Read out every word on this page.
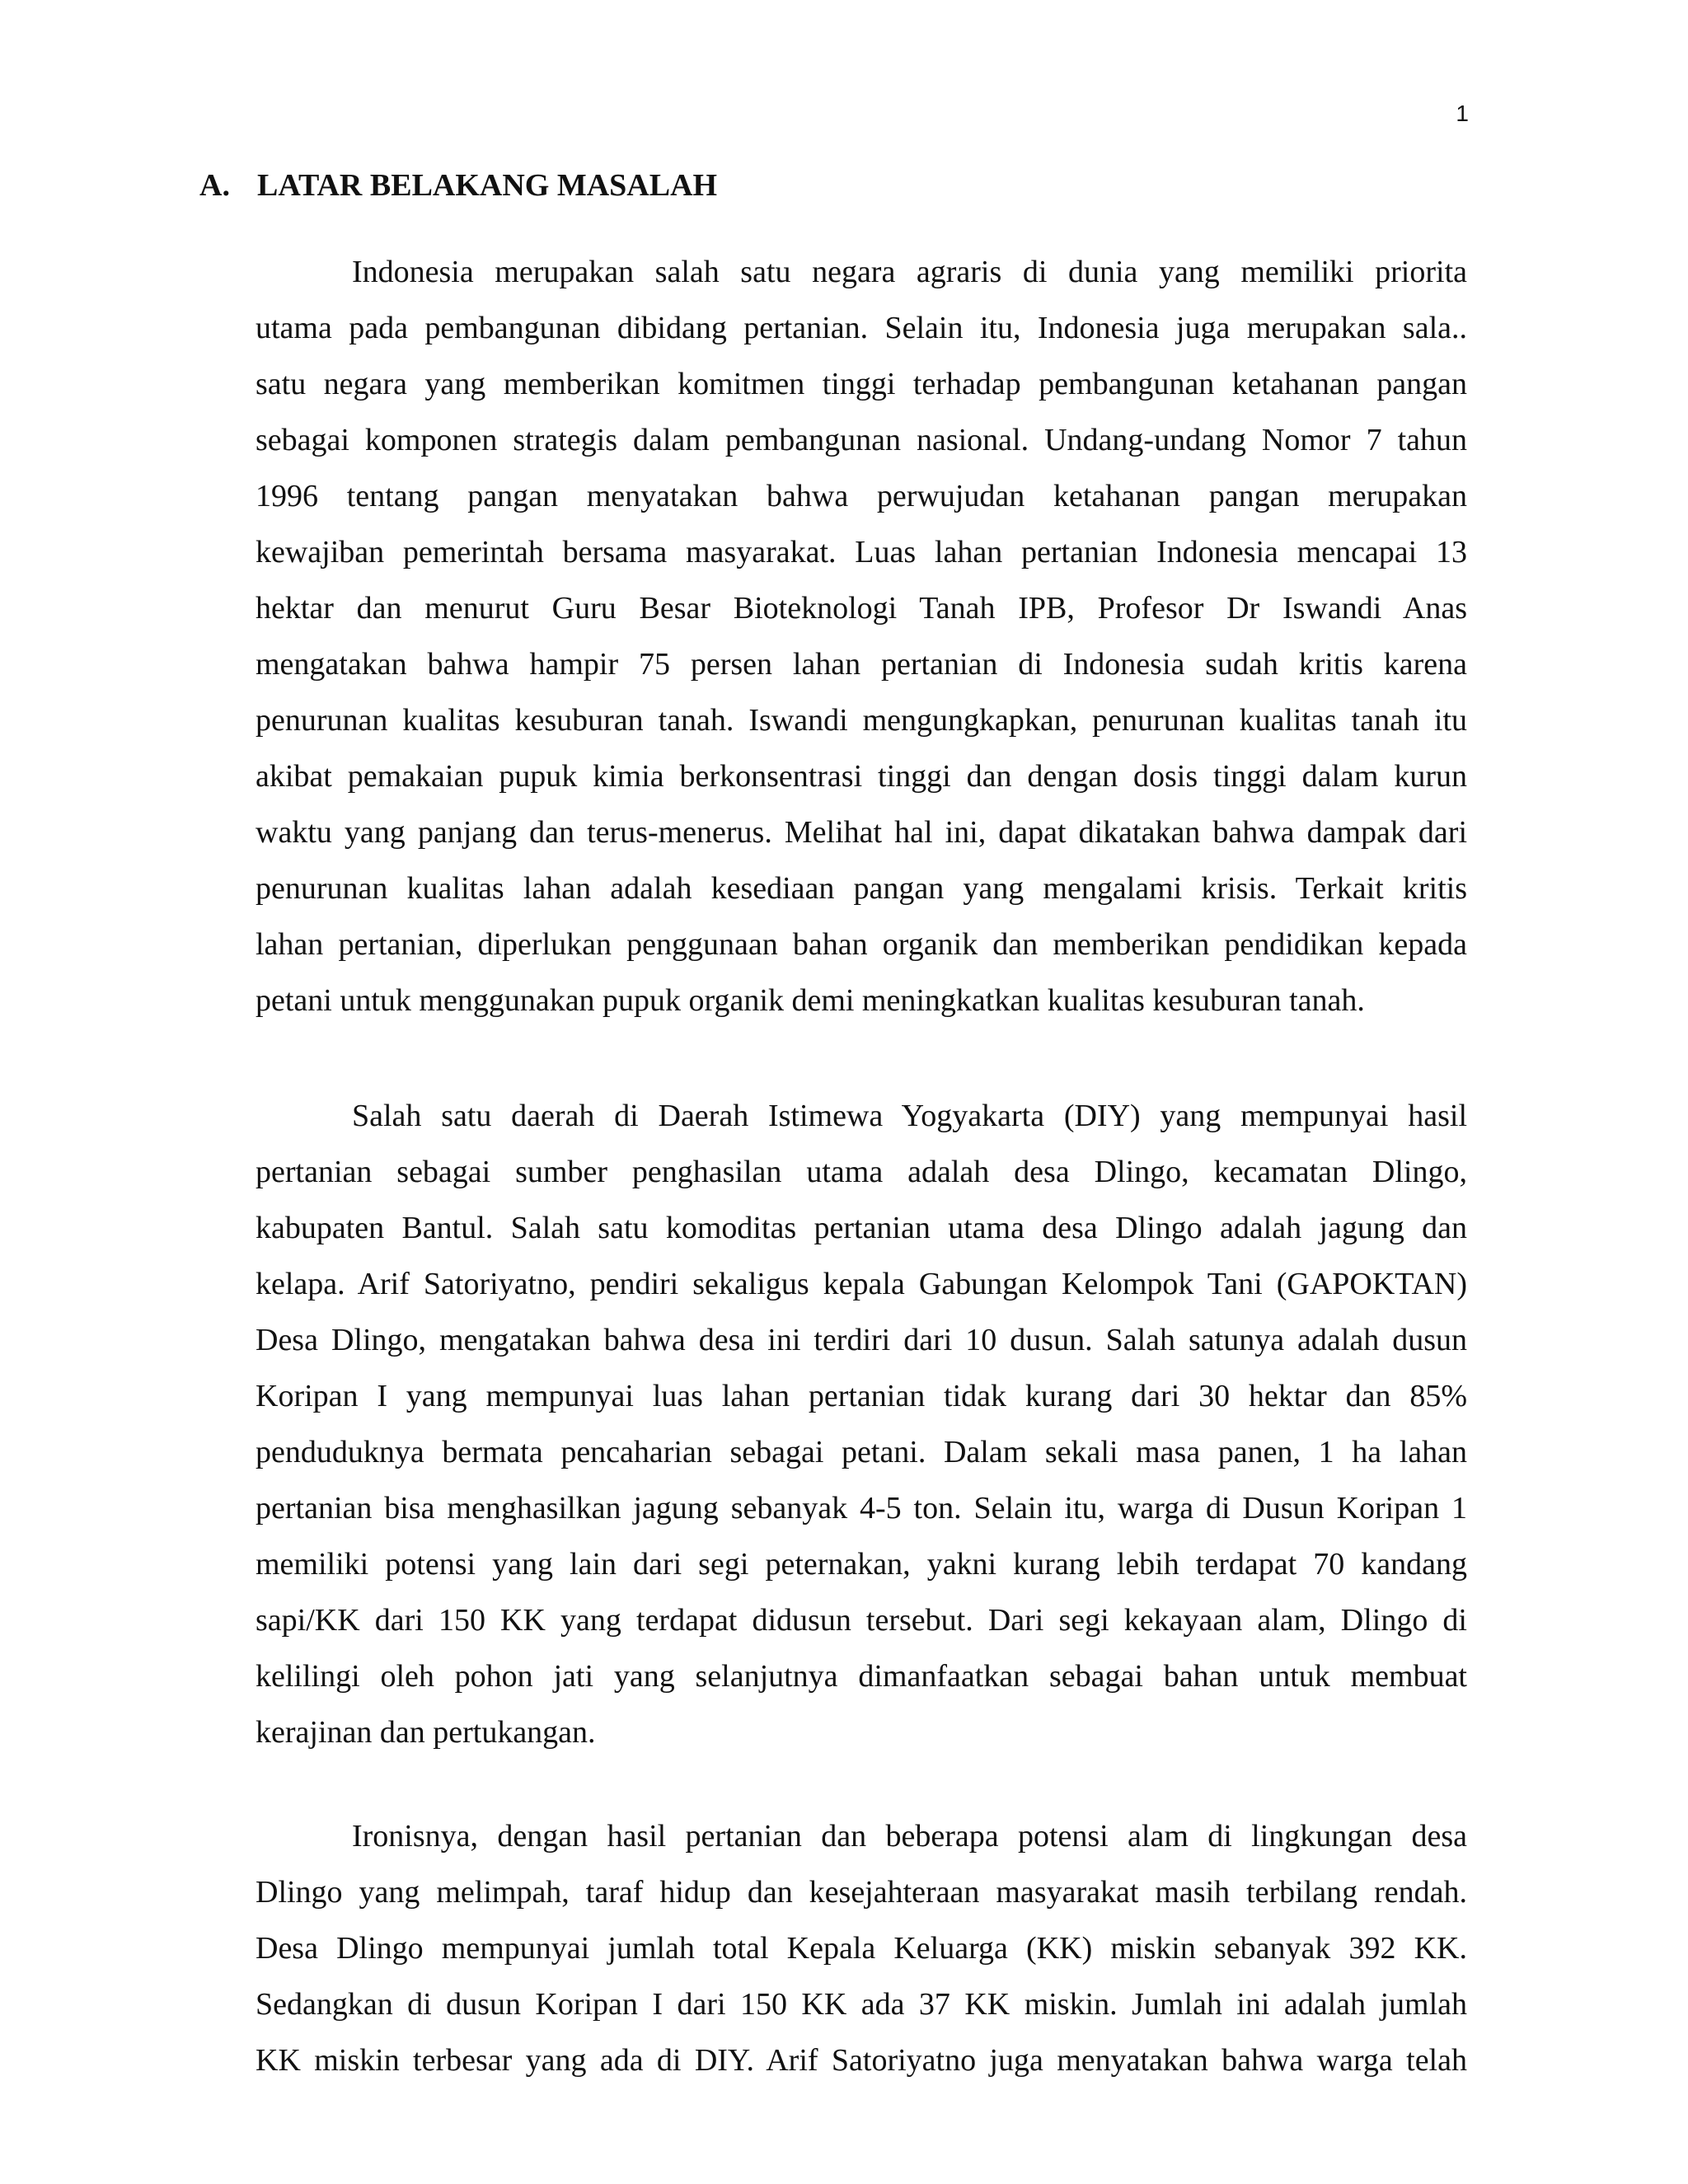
1
A. LATAR BELAKANG MASALAH
Indonesia merupakan salah satu negara agraris di dunia yang memiliki priorita
utama pada pembangunan dibidang pertanian. Selain itu, Indonesia juga merupakan sala..
satu negara yang memberikan komitmen tinggi terhadap pembangunan ketahanan pangan
sebagai komponen strategis dalam pembangunan nasional. Undang-undang Nomor 7 tahun
1996 tentang pangan menyatakan bahwa perwujudan ketahanan pangan merupakan
kewajiban pemerintah bersama masyarakat. Luas lahan pertanian Indonesia mencapai 13
hektar dan menurut Guru Besar Bioteknologi Tanah IPB, Profesor Dr Iswandi Anas
mengatakan bahwa hampir 75 persen lahan pertanian di Indonesia sudah kritis karena
penurunan kualitas kesuburan tanah. Iswandi mengungkapkan, penurunan kualitas tanah itu
akibat pemakaian pupuk kimia berkonsentrasi tinggi dan dengan dosis tinggi dalam kurun
waktu yang panjang dan terus-menerus. Melihat hal ini, dapat dikatakan bahwa dampak dari
penurunan kualitas lahan adalah kesediaan pangan yang mengalami krisis. Terkait kritis
lahan pertanian, diperlukan penggunaan bahan organik dan memberikan pendidikan kepada
petani untuk menggunakan pupuk organik demi meningkatkan kualitas kesuburan tanah.
Salah satu daerah di Daerah Istimewa Yogyakarta (DIY) yang mempunyai hasil
pertanian sebagai sumber penghasilan utama adalah desa Dlingo, kecamatan Dlingo,
kabupaten Bantul. Salah satu komoditas pertanian utama desa Dlingo adalah jagung dan
kelapa. Arif Satoriyatno, pendiri sekaligus kepala Gabungan Kelompok Tani (GAPOKTAN)
Desa Dlingo, mengatakan bahwa desa ini terdiri dari 10 dusun. Salah satunya adalah dusun
Koripan I yang mempunyai luas lahan pertanian tidak kurang dari 30 hektar dan 85%
penduduknya bermata pencaharian sebagai petani. Dalam sekali masa panen, 1 ha lahan
pertanian bisa menghasilkan jagung sebanyak 4-5 ton. Selain itu, warga di Dusun Koripan 1
memiliki potensi yang lain dari segi peternakan, yakni kurang lebih terdapat 70 kandang
sapi/KK dari 150 KK yang terdapat didusun tersebut. Dari segi kekayaan alam, Dlingo di
kelilingi oleh pohon jati yang selanjutnya dimanfaatkan sebagai bahan untuk membuat
kerajinan dan pertukangan.
Ironisnya, dengan hasil pertanian dan beberapa potensi alam di lingkungan desa
Dlingo yang melimpah, taraf hidup dan kesejahteraan masyarakat masih terbilang rendah.
Desa Dlingo mempunyai jumlah total Kepala Keluarga (KK) miskin sebanyak 392 KK.
Sedangkan di dusun Koripan I dari 150 KK ada 37 KK miskin. Jumlah ini adalah jumlah
KK miskin terbesar yang ada di DIY. Arif Satoriyatno juga menyatakan bahwa warga telah
